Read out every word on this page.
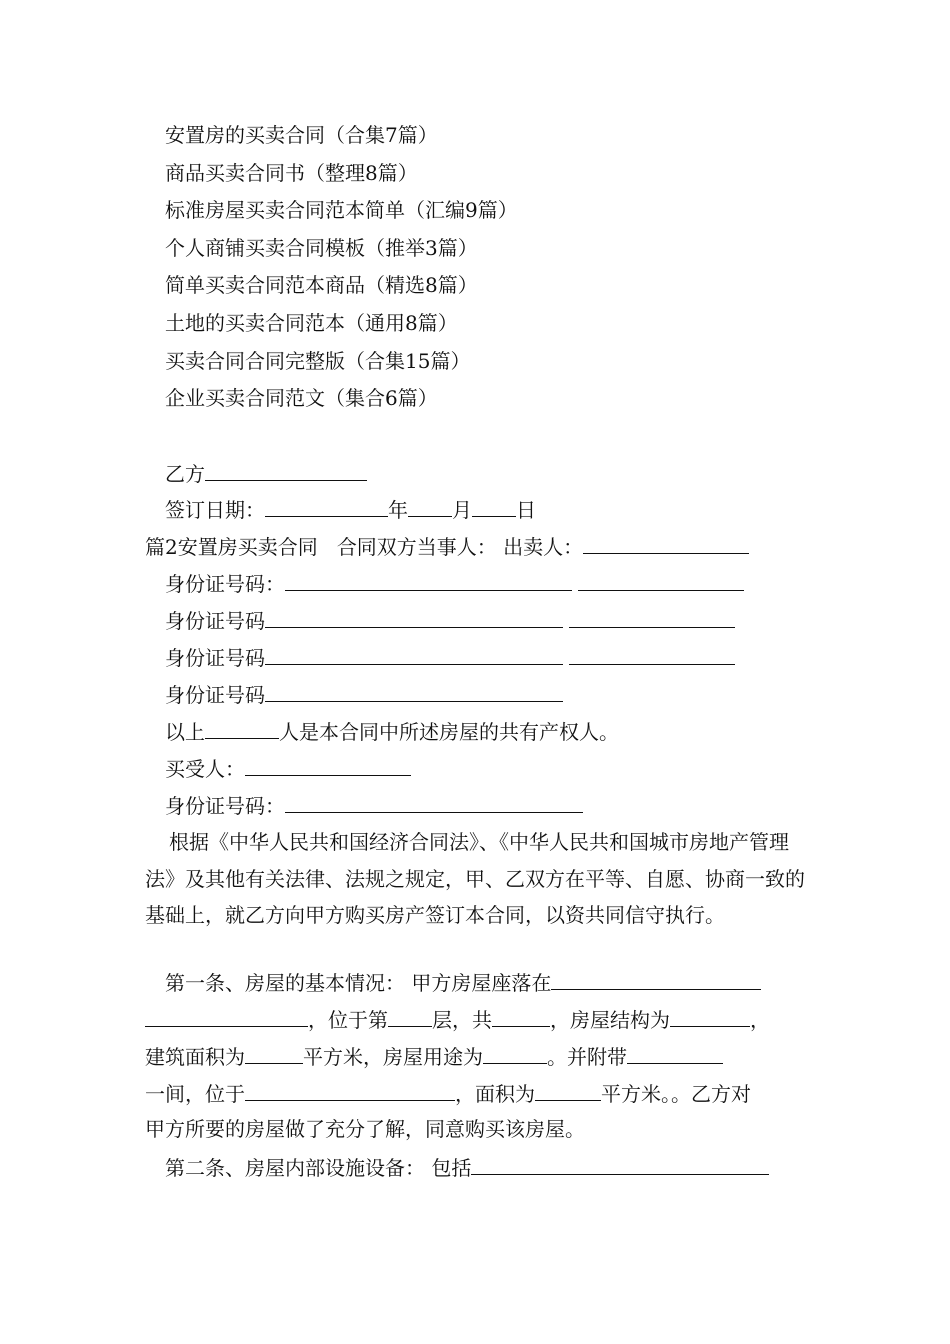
安置房的买卖合同（合集7篇）
商品买卖合同书（整理8篇）
标准房屋买卖合同范本简单（汇编9篇）
个人商铺买卖合同模板（推举3篇）
简单买卖合同范本商品（精选8篇）
土地的买卖合同范本（通用8篇）
买卖合同合同完整版（合集15篇）
企业买卖合同范文（集合6篇）
乙方
签订日期：	年 月 日
篇2安置房买卖合同 合同双方当事人： 出卖人：
身份证号码：
身份证号码
身份证号码
身份证号码
以上	人是本合同中所述房屋的共有产权人。
买受人：
身份证号码：
根据《中华人民共和国经济合同法》、《中华人民共和国城市房地产管理法》及其他有关法律、法规之规定，甲、乙双方在平等、自愿、协商一致的基础上，就乙方向甲方购买房产签订本合同，以资共同信守执行。
第一条、房屋的基本情况： 甲方房屋座落在
，位于第 层，共	，房屋结构为	，
建筑面积为	平方米，房屋用途为	。并附带
一间，位于	，面积为	平方米。。乙方对
甲方所要的房屋做了充分了解，同意购买该房屋。
第二条、房屋内部设施设备： 包括
